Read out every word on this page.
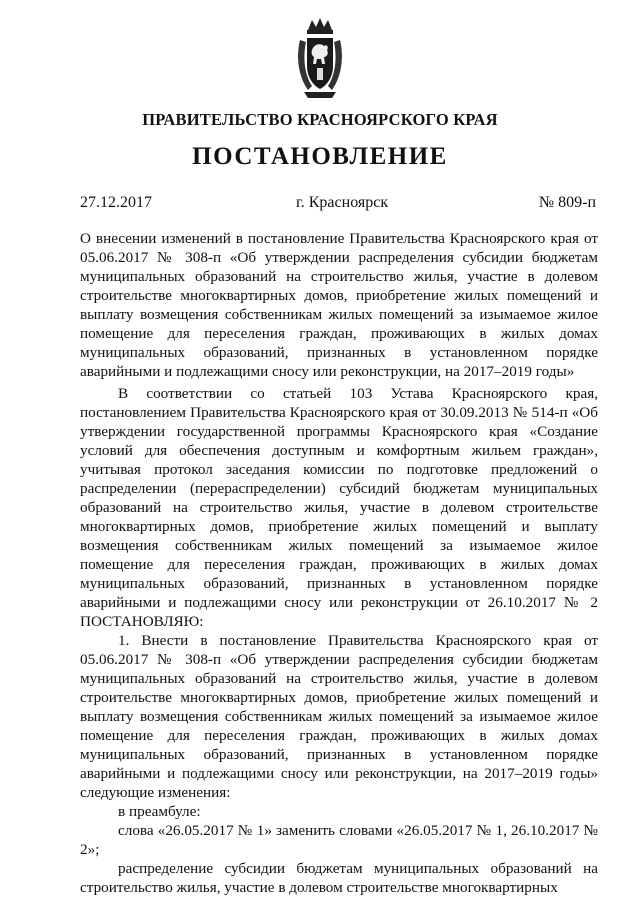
ПРАВИТЕЛЬСТВО КРАСНОЯРСКОГО КРАЯ
ПОСТАНОВЛЕНИЕ
27.12.2017	г. Красноярск	№ 809-п

О внесении изменений в постановление Правительства Красноярского края от 05.06.2017 № 308-п «Об утверждении распределения субсидии бюджетам муниципальных образований на строительство жилья, участие в долевом строительстве многоквартирных домов, приобретение жилых помещений и выплату возмещения собственникам жилых помещений за изымаемое жилое помещение для переселения граждан, проживающих в жилых домах муниципальных образований, признанных в установленном порядке аварийными и подлежащими сносу или реконструкции, на 2017–2019 годы»

В соответствии со статьей 103 Устава Красноярского края, постановлением Правительства Красноярского края от 30.09.2013 № 514-п «Об утверждении государственной программы Красноярского края «Создание условий для обеспечения доступным и комфортным жильем граждан», учитывая протокол заседания комиссии по подготовке предложений о распределении (перераспределении) субсидий бюджетам муниципальных образований на строительство жилья, участие в долевом строительстве многоквартирных домов, приобретение жилых помещений и выплату возмещения собственникам жилых помещений за изымаемое жилое помещение для переселения граждан, проживающих в жилых домах муниципальных образований, признанных в установленном порядке аварийными и подлежащими сносу или реконструкции от 26.10.2017 № 2 ПОСТАНОВЛЯЮ:

1. Внести в постановление Правительства Красноярского края от 05.06.2017 № 308-п «Об утверждении распределения субсидии бюджетам муниципальных образований на строительство жилья, участие в долевом строительстве многоквартирных домов, приобретение жилых помещений и выплату возмещения собственникам жилых помещений за изымаемое жилое помещение для переселения граждан, проживающих в жилых домах муниципальных образований, признанных в установленном порядке аварийными и подлежащими сносу или реконструкции, на 2017–2019 годы» следующие изменения:

в преамбуле:

слова «26.05.2017 № 1» заменить словами «26.05.2017 № 1, 26.10.2017 № 2»;

распределение субсидии бюджетам муниципальных образований на строительство жилья, участие в долевом строительстве многоквартирных
